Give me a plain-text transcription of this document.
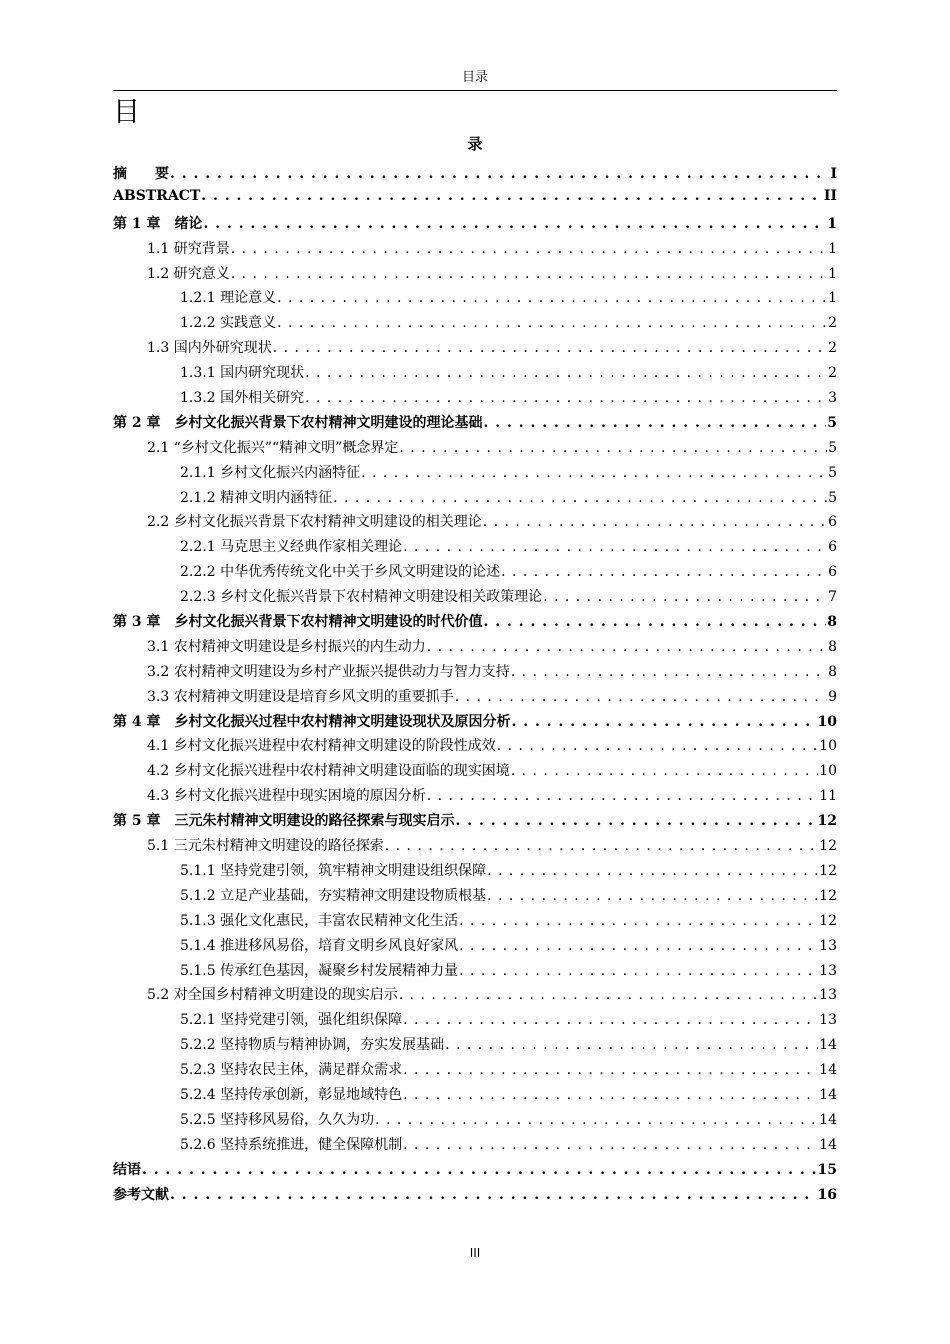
目录
目
录
摘　　要 . . .	I
ABSTRACT . . .	II
第 1 章　绪论 . . .	1
1.1 研究背景 . . .	1
1.2 研究意义 . . .	1
1.2.1 理论意义 . . .	1
1.2.2 实践意义 . . .	2
1.3 国内外研究现状 . . .	2
1.3.1 国内研究现状 . . .	2
1.3.2 国外相关研究 . . .	3
第 2 章　乡村文化振兴背景下农村精神文明建设的理论基础 . . .	5
2.1 “乡村文化振兴”“精神文明”概念界定 . . .	5
2.1.1 乡村文化振兴内涵特征 . . .	5
2.1.2 精神文明内涵特征 . . .	5
2.2 乡村文化振兴背景下农村精神文明建设的相关理论 . . .	6
2.2.1 马克思主义经典作家相关理论 . . .	6
2.2.2 中华优秀传统文化中关于乡风文明建设的论述 . . .	6
2.2.3 乡村文化振兴背景下农村精神文明建设相关政策理论 . . .	7
第 3 章　乡村文化振兴背景下农村精神文明建设的时代价值 . . .	8
3.1 农村精神文明建设是乡村振兴的内生动力 . . .	8
3.2 农村精神文明建设为乡村产业振兴提供动力与智力支持 . . .	8
3.3 农村精神文明建设是培育乡风文明的重要抓手 . . .	9
第 4 章　乡村文化振兴过程中农村精神文明建设现状及原因分析 . . .	10
4.1 乡村文化振兴进程中农村精神文明建设的阶段性成效 . . .	10
4.2 乡村文化振兴进程中农村精神文明建设面临的现实困境 . . .	10
4.3 乡村文化振兴进程中现实困境的原因分析 . . .	11
第 5 章　三元朱村精神文明建设的路径探索与现实启示 . . .	12
5.1 三元朱村精神文明建设的路径探索 . . .	12
5.1.1 坚持党建引领，筑牢精神文明建设组织保障 . . .	12
5.1.2 立足产业基础，夯实精神文明建设物质根基 . . .	12
5.1.3 强化文化惠民，丰富农民精神文化生活 . . .	12
5.1.4 推进移风易俗，培育文明乡风良好家风 . . .	13
5.1.5 传承红色基因，凝聚乡村发展精神力量 . . .	13
5.2 对全国乡村精神文明建设的现实启示 . . .	13
5.2.1 坚持党建引领，强化组织保障 . . .	13
5.2.2 坚持物质与精神协调，夯实发展基础 . . .	14
5.2.3 坚持农民主体，满足群众需求 . . .	14
5.2.4 坚持传承创新，彰显地域特色 . . .	14
5.2.5 坚持移风易俗，久久为功 . . .	14
5.2.6 坚持系统推进，健全保障机制 . . .	14
结语 . . .	15
参考文献 . . .	16
III
